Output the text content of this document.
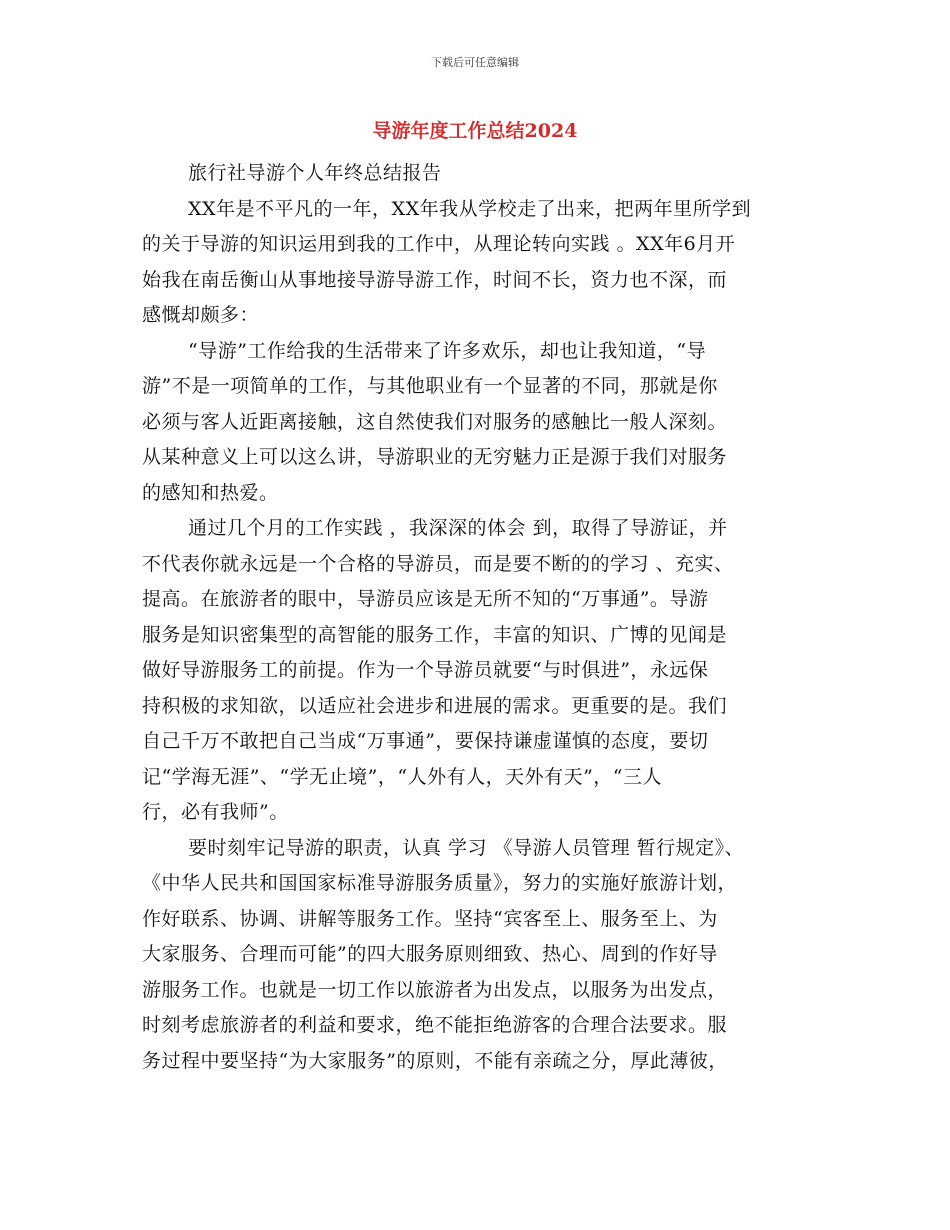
下载后可任意编辑

导游年度工作总结2024

旅行社导游个人年终总结报告

XX年是不平凡的一年，XX年我从学校走了出来，把两年里所学到

的关于导游的知识运用到我的工作中，从理论转向实践 。XX年6月开

始我在南岳衡山从事地接导游导游工作，时间不长，资力也不深，而

感慨却颇多：

“导游”工作给我的生活带来了许多欢乐，却也让我知道，“导

游”不是一项简单的工作，与其他职业有一个显著的不同，那就是你

必须与客人近距离接触，这自然使我们对服务的感触比一般人深刻。

从某种意义上可以这么讲，导游职业的无穷魅力正是源于我们对服务

的感知和热爱。

通过几个月的工作实践 ，我深深的体会 到，取得了导游证，并

不代表你就永远是一个合格的导游员，而是要不断的的学习 、充实、

提高。在旅游者的眼中，导游员应该是无所不知的“万事通”。导游

服务是知识密集型的高智能的服务工作，丰富的知识、广博的见闻是

做好导游服务工的前提。作为一个导游员就要“与时俱进”，永远保

持积极的求知欲，以适应社会进步和进展的需求。更重要的是。我们

自己千万不敢把自己当成“万事通”，要保持谦虚谨慎的态度，要切

记“学海无涯”、“学无止境”，“人外有人，天外有天”，“三人

行，必有我师”。

要时刻牢记导游的职责，认真 学习 《导游人员管理 暂行规定》、

《中华人民共和国国家标准导游服务质量》，努力的实施好旅游计划，

作好联系、协调、讲解等服务工作。坚持“宾客至上、服务至上、为

大家服务、合理而可能”的四大服务原则细致、热心、周到的作好导

游服务工作。也就是一切工作以旅游者为出发点，以服务为出发点，

时刻考虑旅游者的利益和要求，绝不能拒绝游客的合理合法要求。服

务过程中要坚持“为大家服务”的原则，不能有亲疏之分，厚此薄彼，
